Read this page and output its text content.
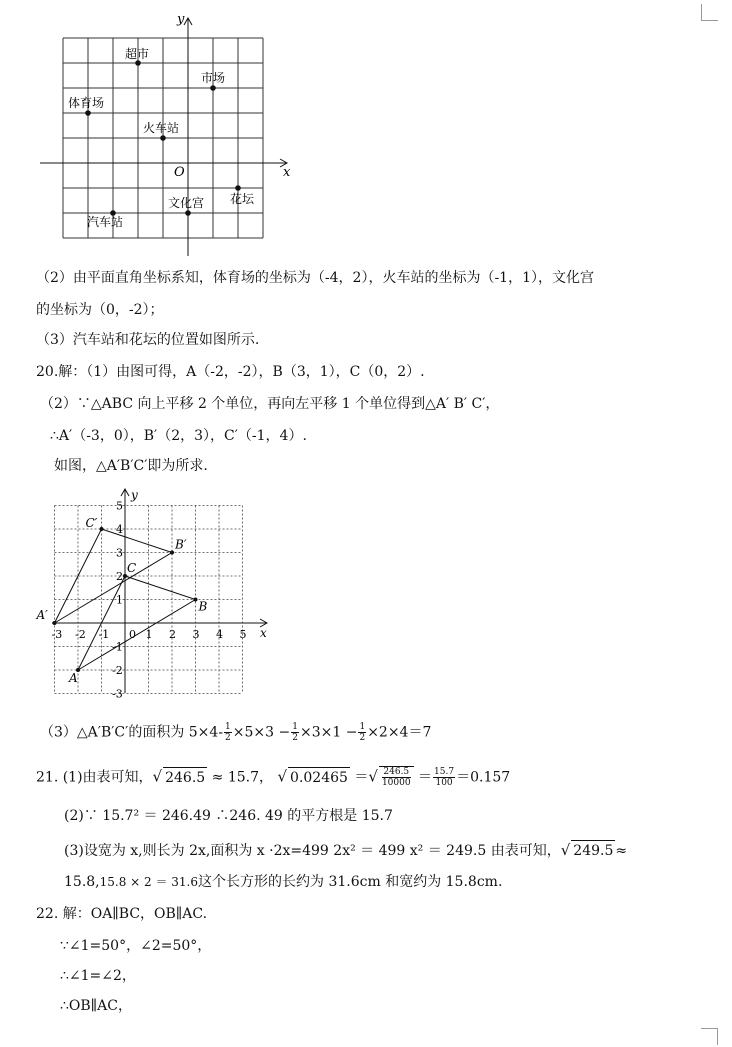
x
y
O
超市
市场
体育场
火车站
文化宫 花坛
汽车站
（2）由平面直角坐标系知，体育场的坐标为（-4，2），火车站的坐标为（-1，1），文化宫
的坐标为（0，-2）；
（3）汽车站和花坛的位置如图所示.
20.解：（1）由图可得，A（-2，-2），B（3，1），C（0，2）.
（2）∵△ABC 向上平移 2 个单位，再向左平移 1 个单位得到△A′ B′ C′，
∴A′（-3，0），B′（2，3），C′（-1，4）.
如图，△A′B′C′即为所求.
x
y
-3 -2 -1 0 1 2 3 4 5
5
4
3
2
1
-1
-2
-3
A
B
C
A′
B′
C′
（3）△A′B′C′的面积为 $5\times 4- \frac{1}{2} \times 5\times 3 - \frac{1}{2} \times 3\times 1 - \frac{1}{2} \times 2\times 4=7$
21. (1)由表可知，√ 246.5 ≈ 15.7， √ 0.02465 ＝√ $\frac{246.5}{10000} = \frac{15.7}{100} =0.157$
(2)∵ 15.7² ＝ 246.49 ∴246. 49 的平方根是 15.7
(3)设宽为 x,则长为 2x,面积为 x ·2x=499 2x² ＝ 499 x² ＝ 249.5 由表可知，√ 249.5 ≈
15.8,15.8 × 2 ＝ 31.6这个长方形的长约为 31.6cm 和宽约为 15.8cm.
22. 解：OA∥BC，OB∥AC.
∵∠1=50°，∠2=50°，
∴∠1=∠2，
∴OB∥AC，
